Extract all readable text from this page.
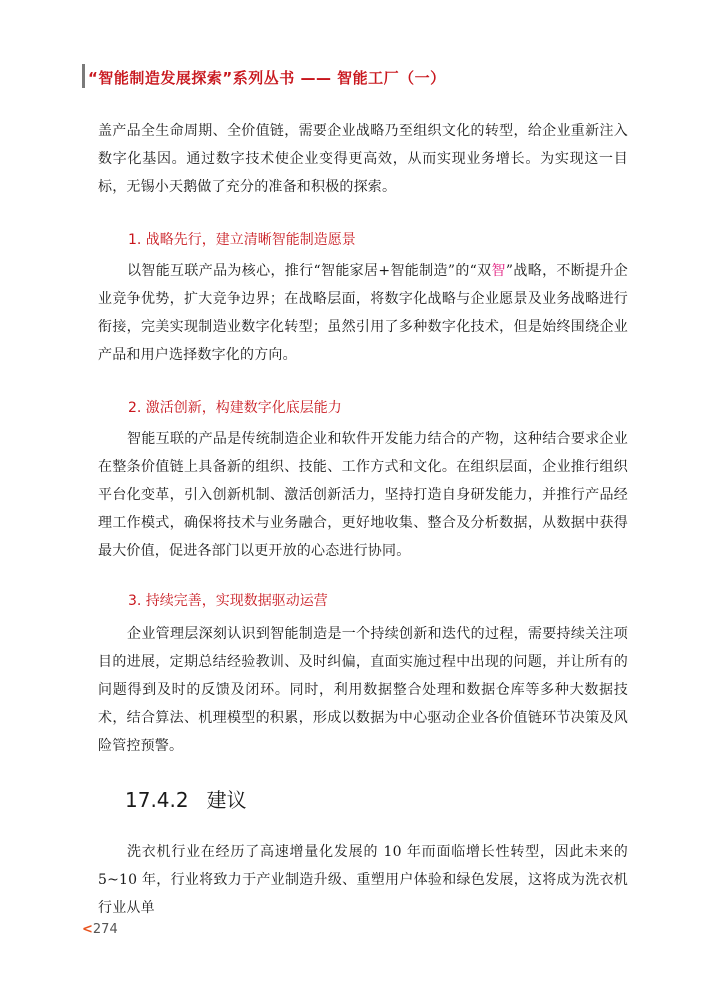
“智能制造发展探索”系列丛书 —— 智能工厂（一）

盖产品全生命周期、全价值链，需要企业战略乃至组织文化的转型，给企业重新注入数字化基因。通过数字技术使企业变得更高效，从而实现业务增长。为实现这一目标，无锡小天鹅做了充分的准备和积极的探索。

1. 战略先行，建立清晰智能制造愿景

以智能互联产品为核心，推行“智能家居+智能制造”的“双智”战略，不断提升企业竞争优势，扩大竞争边界；在战略层面，将数字化战略与企业愿景及业务战略进行衔接，完美实现制造业数字化转型；虽然引用了多种数字化技术，但是始终围绕企业产品和用户选择数字化的方向。

2. 激活创新，构建数字化底层能力

智能互联的产品是传统制造企业和软件开发能力结合的产物，这种结合要求企业在整条价值链上具备新的组织、技能、工作方式和文化。在组织层面，企业推行组织平台化变革，引入创新机制、激活创新活力，坚持打造自身研发能力，并推行产品经理工作模式，确保将技术与业务融合，更好地收集、整合及分析数据，从数据中获得最大价值，促进各部门以更开放的心态进行协同。

3. 持续完善，实现数据驱动运营

企业管理层深刻认识到智能制造是一个持续创新和迭代的过程，需要持续关注项目的进展，定期总结经验教训、及时纠偏，直面实施过程中出现的问题，并让所有的问题得到及时的反馈及闭环。同时，利用数据整合处理和数据仓库等多种大数据技术，结合算法、机理模型的积累，形成以数据为中心驱动企业各价值链环节决策及风险管控预警。

17.4.2 建议

洗衣机行业在经历了高速增量化发展的 10 年而面临增长性转型，因此未来的 5~10 年，行业将致力于产业制造升级、重塑用户体验和绿色发展，这将成为洗衣机行业从单

<274
